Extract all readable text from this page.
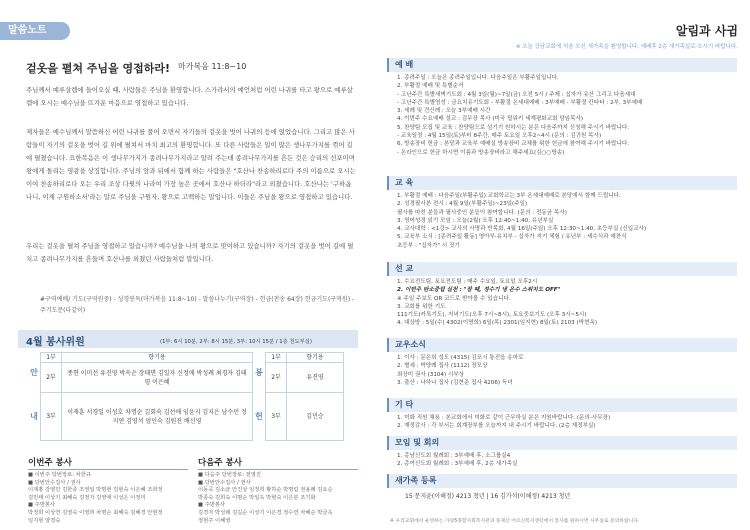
말씀노트
겉옷을 펼쳐 주님을 영접하라! 마가복음 11:8~10

주님께서 예루살렘에 들어오실 때, 사람들은 주님을 환영합니다. 스가랴서의 예언처럼 어린 나귀를 타고 왕으로 예루살렘에 오시는 예수님을 뜨겨운 마음으로 영접하고 있습니다.

제자들은 예수님께서 말씀하신 어린 나귀를 풀어 오면서 자기들의 겉옷을 벗어 나귀의 등에 얹었습니다. 그리고 많은 사람들이 자기의 겉옷을 벗어 길 위에 펼쳐서 마치 최고의 환영합니다. 또 다른 사람들은 일이 많은 생나무가지를 꺾어 길에 펼쳤습니다. 요한복음은 이 생나무가지가 종려나무가지라고 알려 주는데 종려나무가지를 흔든 것은 승리의 선포이며 왕에게 돌리는 영광을 상징합니다. 주님의 앞과 뒤에서 함께 하는 사람들은 "호산나 찬송하리로다 주의 이름으로 오시는 이여 찬송하리로다 오는 우리 조상 다윗의 나라여 가장 높은 곳에서 호산나 하더라"라고 외쳤습니다. 호산나는 '구하옵나니, 이제 구원하소서'라는 말로 주님을 구원자, 왕으로 고백하는 말입니다. 이들은 주님을 왕으로 영접하고 있습니다.

우리는 겉옷을 펼쳐 주님을 영접하고 있습니까? 예수님을 나의 왕으로 맞이하고 있습니까? 자기의 겉옷을 벗어 길에 펼치고 종려나무가지를 흔들며 호산나를 외쳤던 사람들처럼 말입니다.

#구역예배/ 기도(구역원중) - 성경봉독(마가복음 11:8~10) - 말씀나누기(구역장) - 헌금(찬송 64장) 헌금기도(구역원) - 주기도문(다같이)

4월 봉사위원	(1부: 6시 10분, 2부: 8시 15분, 3부: 10시 15분 / 1층 천도부실)
안	1부	향기용	봉	1부	향기용
	2부	종현 이미선 유진영 박옥순 장태면 김일자 신정애 박성례 최경자 김태령 이은혜		2부	유진영
내	3부	이재훈 서경일 이성호 차명순 김회숙 김선애 임윤지 김지은 남수민 정지연 김영석 엄인숙 김원진 배신영	헌	3부	김민승
이번주 봉사
■ 이번주 당번장로: 차한규
■ 당번안수집사 / 권사
이재홍 강영민 김한종 조영일 박명현 김현숙 이은혜 조희정
김민태 이상기 최혜숙 김정자 김영애 이성은 이정미
■ 주방봉사
박정희 이상연 김영숙 이영희 차명순 최혜숙 김혜경 안현정
임지현 양경숙
다음주 봉사
■ 다음주 당번장로: 전영진
■ 당번안수집사 / 권사
이동곡 김소균 안진상 임정희 황하순 박명림 권용례 김요순
박종숙 김희숙 이명순 박일옥 박현숙 이은분 조기화
■ 주방봉사
김경자 박성례 김길순 이성기 이은경 정수연 차혜순 박금옥
정현주 이혜영
알림과 사귐
※ 오늘 강남교회에 처음 오신 새가족을 환영합니다. 예배후 2층 새가족실로 오시기 바랍니다.
예 배
1. 종려주일 : 오늘은 종려주일입니다. 다음주일은 부활주일입니다.
2. 부활절 예배 및 특별순서
- 고난주간 특별새벽기도회 : 4월 3일(월)~7일(금) 오전 5시 / 주제 : 십자가 유산 그리고 다음세대
- 고난주간 특별영성 : 금요치유기도회 - 부활절 온세대예배 : 3부예배 - 부활절 칸타타 : 2부, 3부예배
3. 세례 및 견신례 : 오늘 3부예배 시간
4. 이번주 수요예배 설교 : 김무장 목사 (미국 털워키 세계평화교회 담임목사)
5. 찬양팀 모집 및 교육 : 찬양팀으로 섬기기 원하시는 분은 다음주까지 신청해 주시기 바랍니다.
- 교육일정 : 4월 15일(토)부터 8주간, 매주 토요일 오후2~4시 (문의 : 김귀원 목사)
6. 방송장비 헌금 : 본당과 교육부 예배실 방송장비 교체를 위한 헌금에 참여해 주시기 바랍니다.
- 온라인으로 헌금 하시면 이름과 방송장비라고 해주세요(김○○방송)
교 육
1. 부활절 예배 : 다음주일(부활주일) 교회학교는 3부 온세대예배로 본당에서 함께 드립니다.
2. 성경필사본 전시 : 4월 9일(부활주일)~23일(주일)
필사를 마친 분들과 필사중인 분들이 참여합니다. (문의 : 전동균 목사)
3. 영어성경 읽기 모임 : 오늘(2월) 오후 12:40~1:40, 유년부실
4. 교사대학 : <1강> 교사의 사명과 반목회, 4월 16일(주일) 오후 12:30~1:40, 초등부실 (신입교사)
5. 교육부 소식 : [종려주일 활동] 영아부·유치부 - 십자가 지기 체험 / 유년부 : 세수식과 예찬식
초등부 : "십자가" 시 짓기
선 교
1. 수요전도팀, 토요전도팀 : 매주 수요일, 토요일 오후2시
2. 이번주 탄소중립 실천 : "잘 때, 정수기 냉 온수 스위치도 OFF"
※ 주일 주보도 QR 코드로 받아볼 수 있습니다.
3. 교회를 위한 기도
111기도(카톡기도), 저녁기도(오후 7시~8시), 토요중보기도 (오후 3시~5시)
4. 대상방 : 5일(수) 4302(이명희) 6일(목) 2301(임지현) 8일(토) 2103 (박현옥)
교우소식
1. 이사 : 문은희 성도 (4315) 김포시 통진읍 옹마로
2. 별세 : 박양례 집사 (1112) 장모상
최상미 권사 (3104) 시부상
3. 출산 : 나하나 집사 (김현준 집사 4206) 득녀
기 타
1. 미화 직원 채용 : 본교회에서 미화로 같이 근무하실 분은 지원바랍니다. (문의-사무장)
2. 재정감사 : 각 부서는 회계장부를 오늘까지 내 주시기 바랍니다. (2층 재정부실)
모임 및 회의
1. 총남신도회 월례회 : 3부예배 후, 소그룹실4
2. 총여신도회 월례회 : 3부예배 후, 2층 새가족실
새가족 등록
15 문지윤(이해정) 4213 청년 | 16 김가석(이해정) 4213 청년
※ 우리교회에서 운영하는 가양5종합사회복지관과 풍제산 어르신복지센터에서 봉사를 원하시면 사무실로 문의바랍니다.
